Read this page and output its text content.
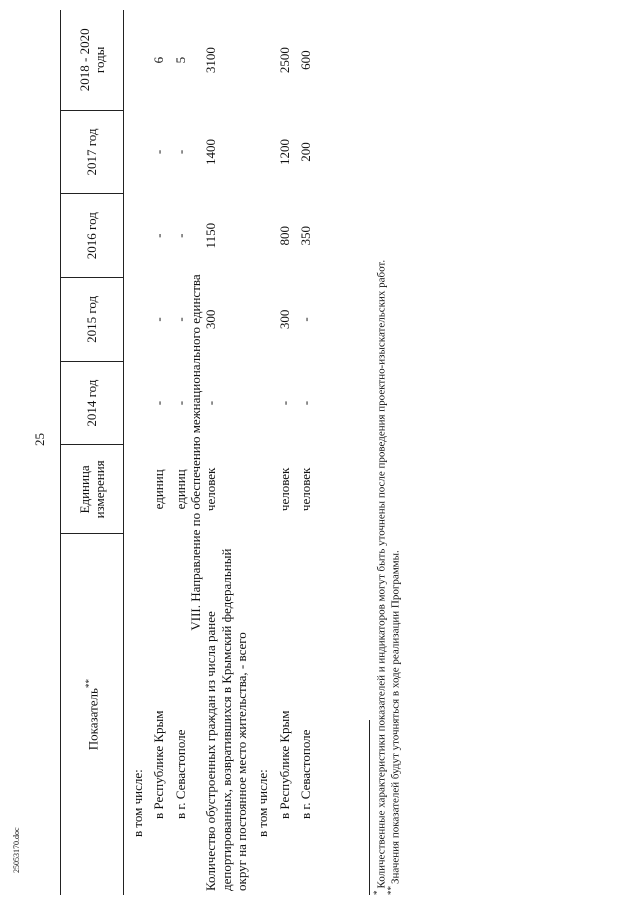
25
Показатель**	Единица измерения	2014 год	2015 год	2016 год	2017 год	2018 - 2020 годы

в том числе:						

в Республике Крым	единиц	-	-	-	-	6

в г. Севастополе	единиц	-	-	-	-	5
VIII. Направление по обеспечению межнационального единства						
Количество обустроенных граждан из числа ранее депортированных, возвратившихся в Крымский федеральный округ на постоянное место жительства, - всего	человек	-	300	1150	1400	3100

в том числе:						

в Республике Крым	человек	-	300	800	1200	2500

в г. Севастополе	человек	-	-	350	200	600
*Количественные характеристики показателей и индикаторов могут быть уточнены после проведения проектно-изыскательских работ.
**Значения показателей будут уточняться в ходе реализации Программы.
25053170.doc
